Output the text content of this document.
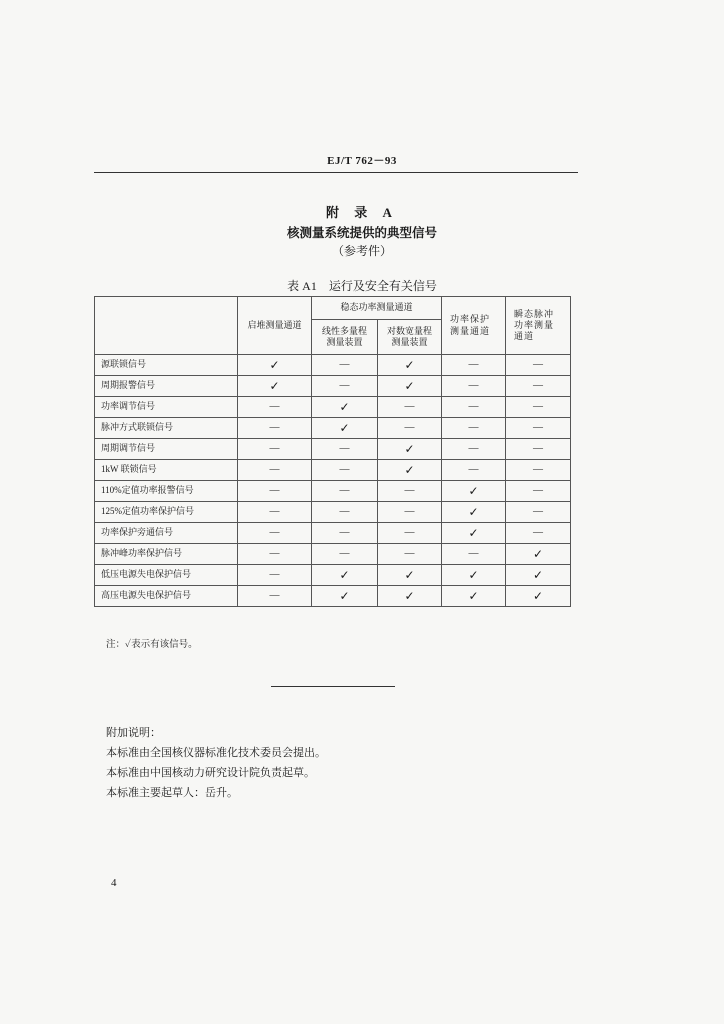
EJ/T 762－93
附 录 A
核测量系统提供的典型信号
（参考件）
表 A1 运行及安全有关信号
	启堆测量通道	稳态功率测量通道		功率保护测量通道	瞬态脉冲功率测量通道
		线性多量程测量装置	对数宽量程测量装置		
源联锁信号	✓	—	✓	—	—
周期报警信号	✓	—	✓	—	—
功率调节信号	—	✓	—	—	—
脉冲方式联锁信号	—	✓	—	—	—
周期调节信号	—	—	✓	—	—
1kW 联锁信号	—	—	✓	—	—
110%定值功率报警信号	—	—	—	✓	—
125%定值功率保护信号	—	—	—	✓	—
功率保护旁通信号	—	—	—	✓	—
脉冲峰功率保护信号	—	—	—	—	✓
低压电源失电保护信号	—	✓	✓	✓	✓
高压电源失电保护信号	—	✓	✓	✓	✓
注：✓表示有该信号。
附加说明：
本标准由全国核仪器标准化技术委员会提出。
本标准由中国核动力研究设计院负责起草。
本标准主要起草人：岳升。
4
